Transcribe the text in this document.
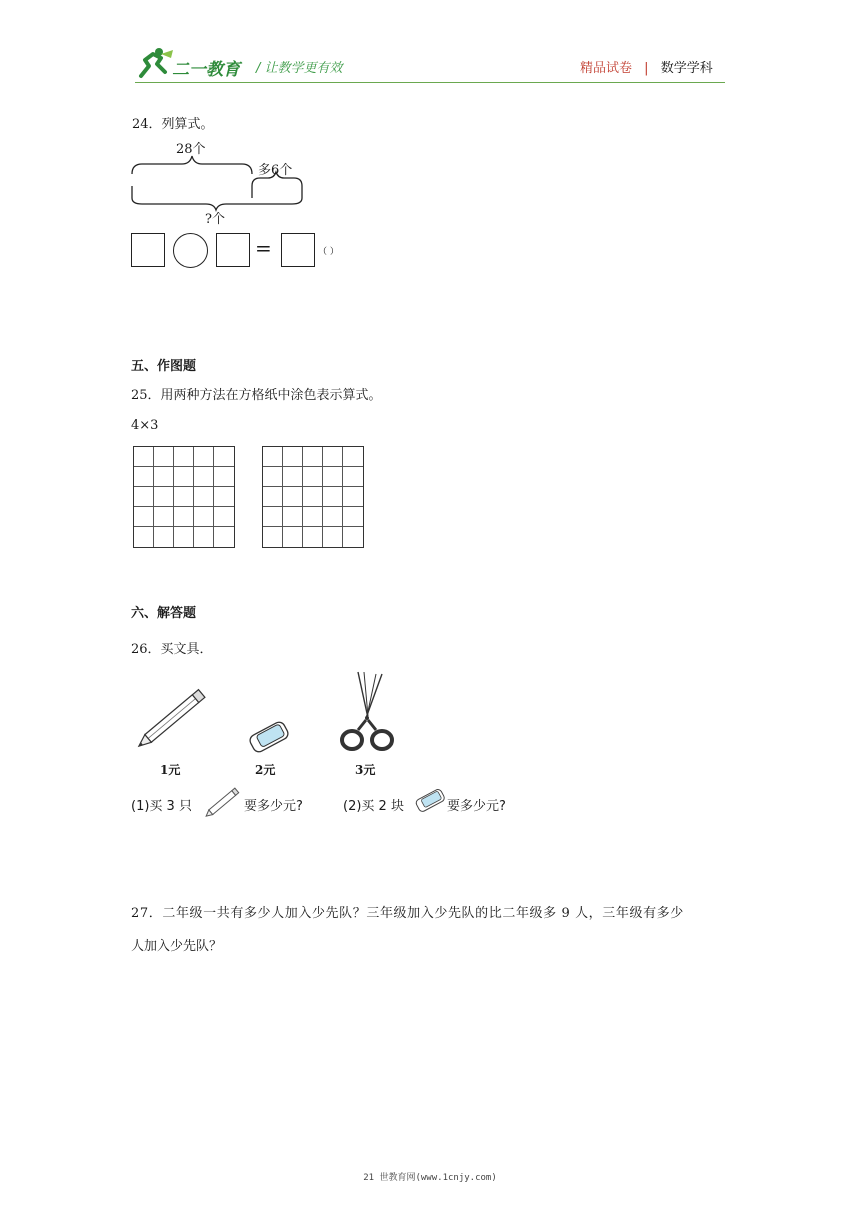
二一教育 / 让教学更有效	精品试卷 | 数学学科
24．列算式。
28个
多6个
?个
=	（ ）
五、作图题
25．用两种方法在方格纸中涂色表示算式。
4×3
六、解答题
26．买文具．
1元	2元	3元
(1)买 3 只	要多少元?	(2)买 2 块	要多少元?
27．二年级一共有多少人加入少先队？三年级加入少先队的比二年级多 9 人，三年级有多少
人加入少先队？
21 世教育网(www.1cnjy.com)
